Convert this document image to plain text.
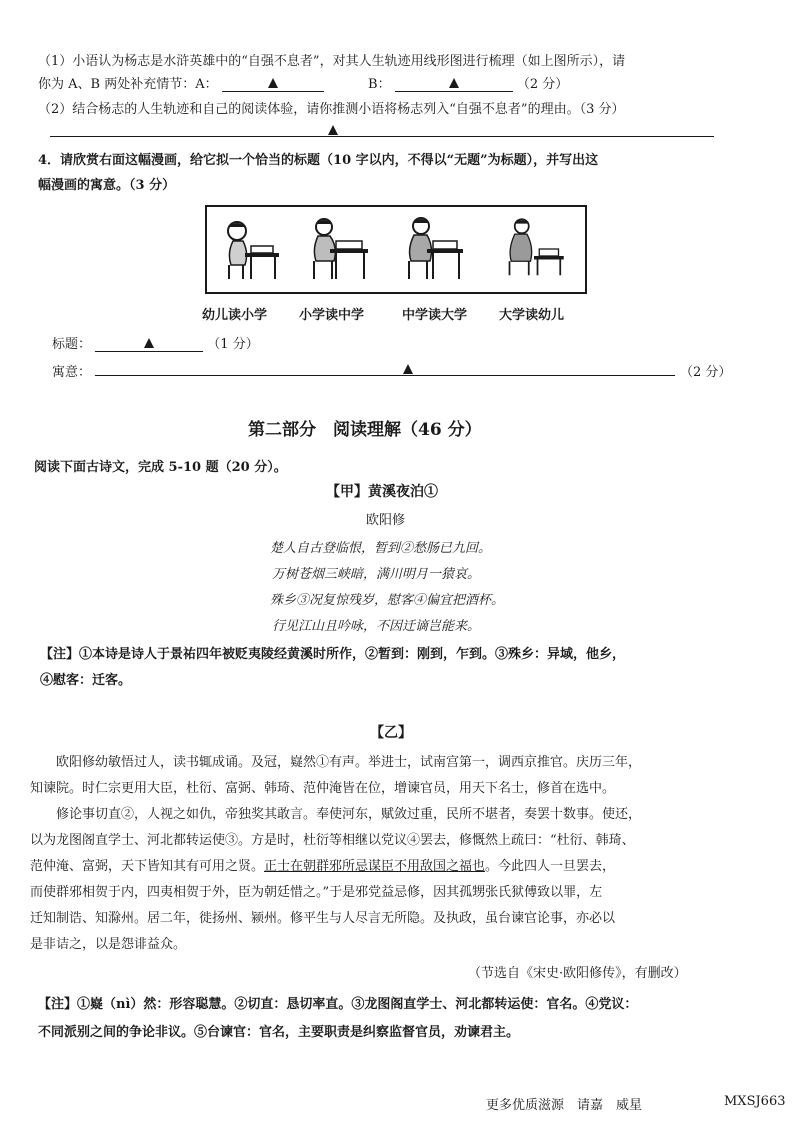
（1）小语认为杨志是水浒英雄中的“自强不息者”，对其人生轨迹用线形图进行梳理（如上图所示），请
你为 A、B 两处补充情节：A：	B：	（2 分）
（2）结合杨志的人生轨迹和自己的阅读体验，请你推测小语将杨志列入“自强不息者”的理由。（3 分）
4．请欣赏右面这幅漫画，给它拟一个恰当的标题（10 字以内，不得以“无题”为标题），并写出这
幅漫画的寓意。（3 分）
幼儿读小学 小学读中学	中学读大学 大学读幼儿
标题：	（1 分）
寓意：	（2 分）
第二部分　阅读理解（46 分）
阅读下面古诗文，完成 5-10 题（20 分）。
【甲】黄溪夜泊①
欧阳修
楚人自古登临恨，暂到②愁肠已九回。
万树苍烟三峡暗，满川明月一猿哀。
殊乡③况复惊残岁，慰客④偏宜把酒杯。
行见江山且吟咏，不因迁谪岂能来。
【注】①本诗是诗人于景祐四年被贬夷陵经黄溪时所作，②暂到：刚到，乍到。③殊乡：异域，他乡，
④慰客：迁客。
【乙】
欧阳修幼敏悟过人，读书辄成诵。及冠，嶷然①有声。举进士，试南宫第一，调西京推官。庆历三年，
知谏院。时仁宗更用大臣，杜衍、富弼、韩琦、范仲淹皆在位，增谏官员，用天下名士，修首在选中。
修论事切直②，人视之如仇，帝独奖其敢言。奉使河东，赋敛过重，民所不堪者，奏罢十数事。使还，
以为龙图阁直学士、河北都转运使③。方是时，杜衍等相继以党议④罢去，修慨然上疏曰：“杜衍、韩琦、
范仲淹、富弼，天下皆知其有可用之贤。正士在朝群邪所忌谋臣不用敌国之福也。今此四人一旦罢去，
而使群邪相贺于内，四夷相贺于外，臣为朝廷惜之。”于是邪党益忌修，因其孤甥张氏狱傅致以罪，左
迁知制诰、知滁州。居二年，徙扬州、颍州。修平生与人尽言无所隐。及执政，虽台谏官论事，亦必以
是非诘之，以是怨诽益众。
（节选自《宋史·欧阳修传》，有删改）
【注】①嶷（nì）然：形容聪慧。②切直：恳切率直。③龙图阁直学士、河北都转运使：官名。④党议：
不同派别之间的争论非议。⑤台谏官：官名，主要职责是纠察监督官员，劝谏君主。
更多优质滋源　请嘉　威星	MXSJ663
